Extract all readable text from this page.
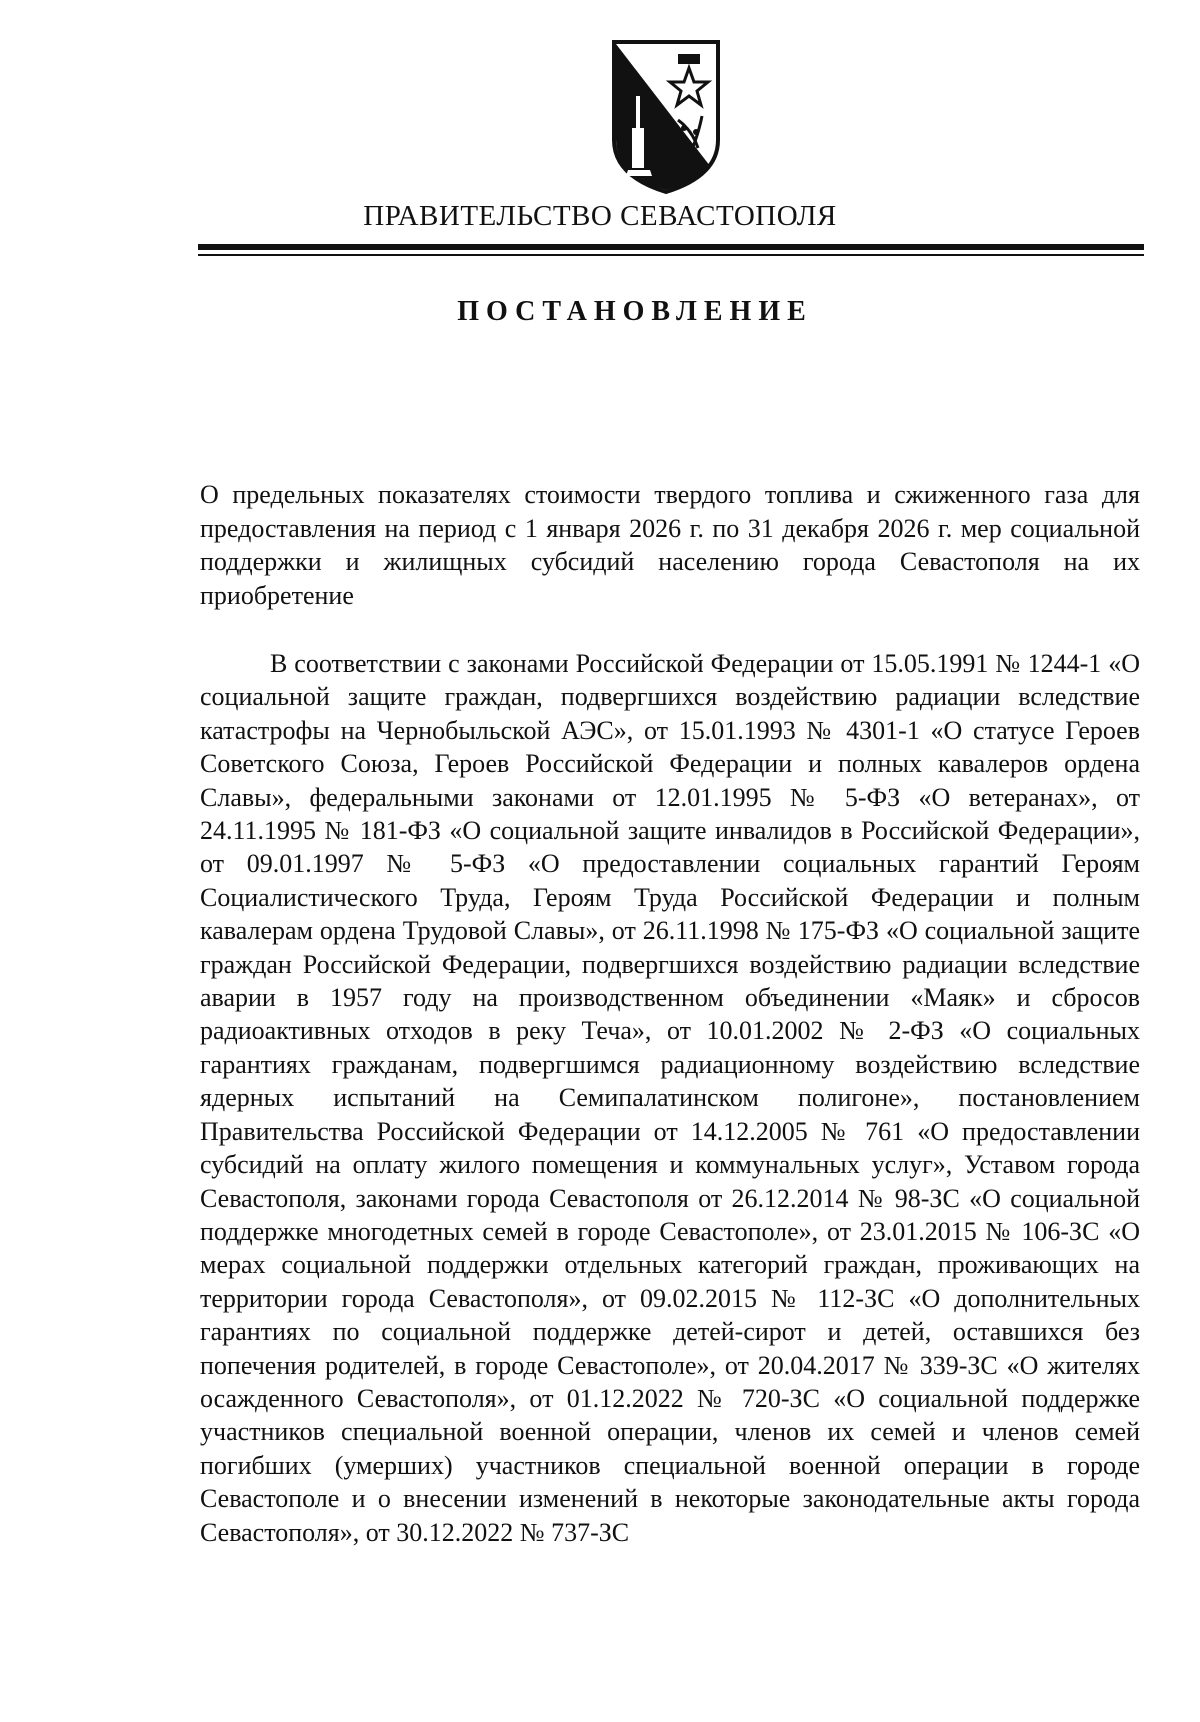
ПРАВИТЕЛЬСТВО СЕВАСТОПОЛЯ
ПОСТАНОВЛЕНИЕ
О предельных показателях стоимости твердого топлива и сжиженного газа для предоставления на период с 1 января 2026 г. по 31 декабря 2026 г. мер социальной поддержки и жилищных субсидий населению города Севастополя на их приобретение
В соответствии с законами Российской Федерации от 15.05.1991 № 1244-1 «О социальной защите граждан, подвергшихся воздействию радиации вследствие катастрофы на Чернобыльской АЭС», от 15.01.1993 № 4301-1 «О статусе Героев Советского Союза, Героев Российской Федерации и полных кавалеров ордена Славы», федеральными законами от 12.01.1995 № 5-ФЗ «О ветеранах», от 24.11.1995 № 181-ФЗ «О социальной защите инвалидов в Российской Федерации», от 09.01.1997 № 5-ФЗ «О предоставлении социальных гарантий Героям Социалистического Труда, Героям Труда Российской Федерации и полным кавалерам ордена Трудовой Славы», от 26.11.1998 № 175-ФЗ «О социальной защите граждан Российской Федерации, подвергшихся воздействию радиации вследствие аварии в 1957 году на производственном объединении «Маяк» и сбросов радиоактивных отходов в реку Теча», от 10.01.2002 № 2-ФЗ «О социальных гарантиях гражданам, подвергшимся радиационному воздействию вследствие ядерных испытаний на Семипалатинском полигоне», постановлением Правительства Российской Федерации от 14.12.2005 № 761 «О предоставлении субсидий на оплату жилого помещения и коммунальных услуг», Уставом города Севастополя, законами города Севастополя от 26.12.2014 № 98-ЗС «О социальной поддержке многодетных семей в городе Севастополе», от 23.01.2015 № 106-ЗС «О мерах социальной поддержки отдельных категорий граждан, проживающих на территории города Севастополя», от 09.02.2015 № 112-ЗС «О дополнительных гарантиях по социальной поддержке детей-сирот и детей, оставшихся без попечения родителей, в городе Севастополе», от 20.04.2017 № 339-ЗС «О жителях осажденного Севастополя», от 01.12.2022 № 720-ЗС «О социальной поддержке участников специальной военной операции, членов их семей и членов семей погибших (умерших) участников специальной военной операции в городе Севастополе и о внесении изменений в некоторые законодательные акты города Севастополя», от 30.12.2022 № 737-ЗС
